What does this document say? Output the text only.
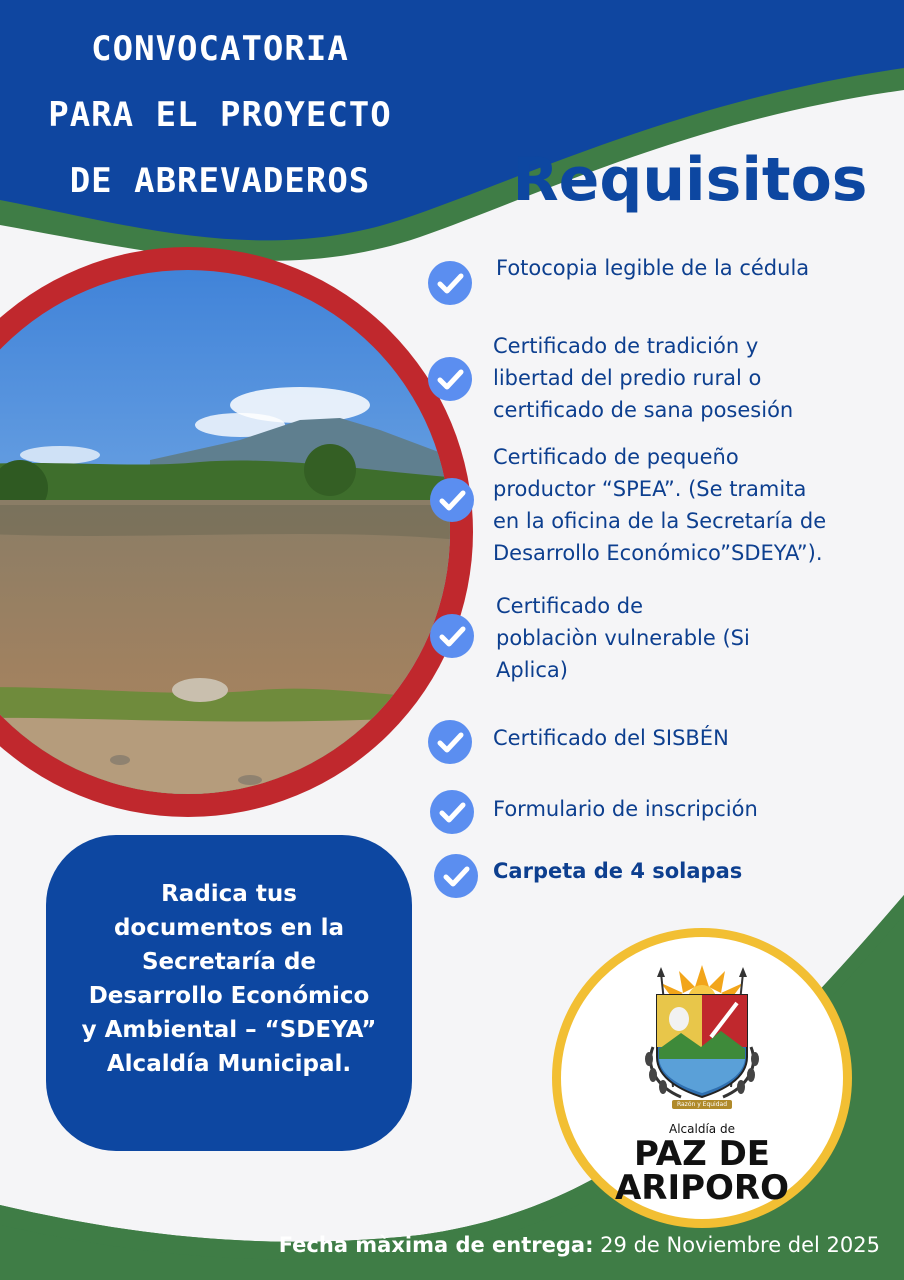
CONVOCATORIA
PARA EL PROYECTO
DE ABREVADEROS	Requisitos
Fotocopia legible de la cédula
Certificado de tradición y
libertad del predio rural o
certificado de sana posesión
Certificado de pequeño
productor “SPEA”. (Se tramita
en la oficina de la Secretaría de
Desarrollo Económico”SDEYA”).
Certificado de
poblaciòn vulnerable (Si
Aplica)
Certificado del SISBÉN
Formulario de inscripción
Carpeta de 4 solapas
Radica tus
documentos en la
Secretaría de
Desarrollo Económico
y Ambiental – “SDEYA”
Alcaldía Municipal.
Razón y Equidad
Alcaldía de
PAZ DE
ARIPORO
Fecha màxima de entrega: 29 de Noviembre del 2025
